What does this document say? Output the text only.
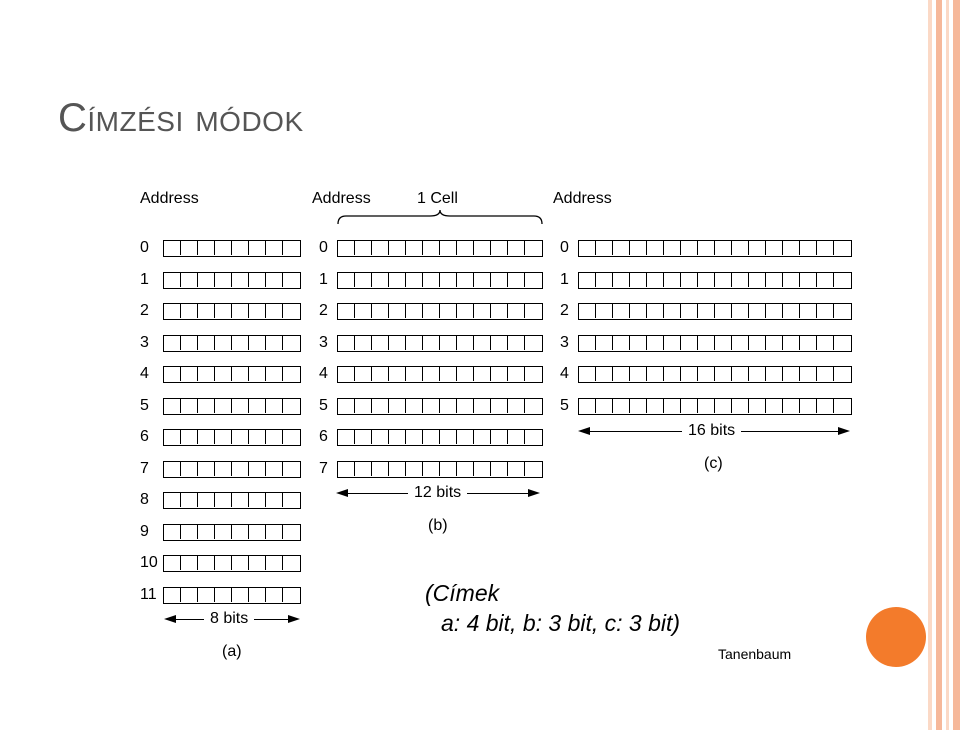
Címzési módok
Address
0
1
2
3
4
5
6
7
8
9
10
11
(a)
Address	1 Cell
0
1
2
3
4
5
6
7
(b)
Address
0
1
2
3
4
5
(c)
8 bits
12 bits
16 bits
(Címek
a: 4 bit, b: 3 bit, c: 3 bit)
Tanenbaum
